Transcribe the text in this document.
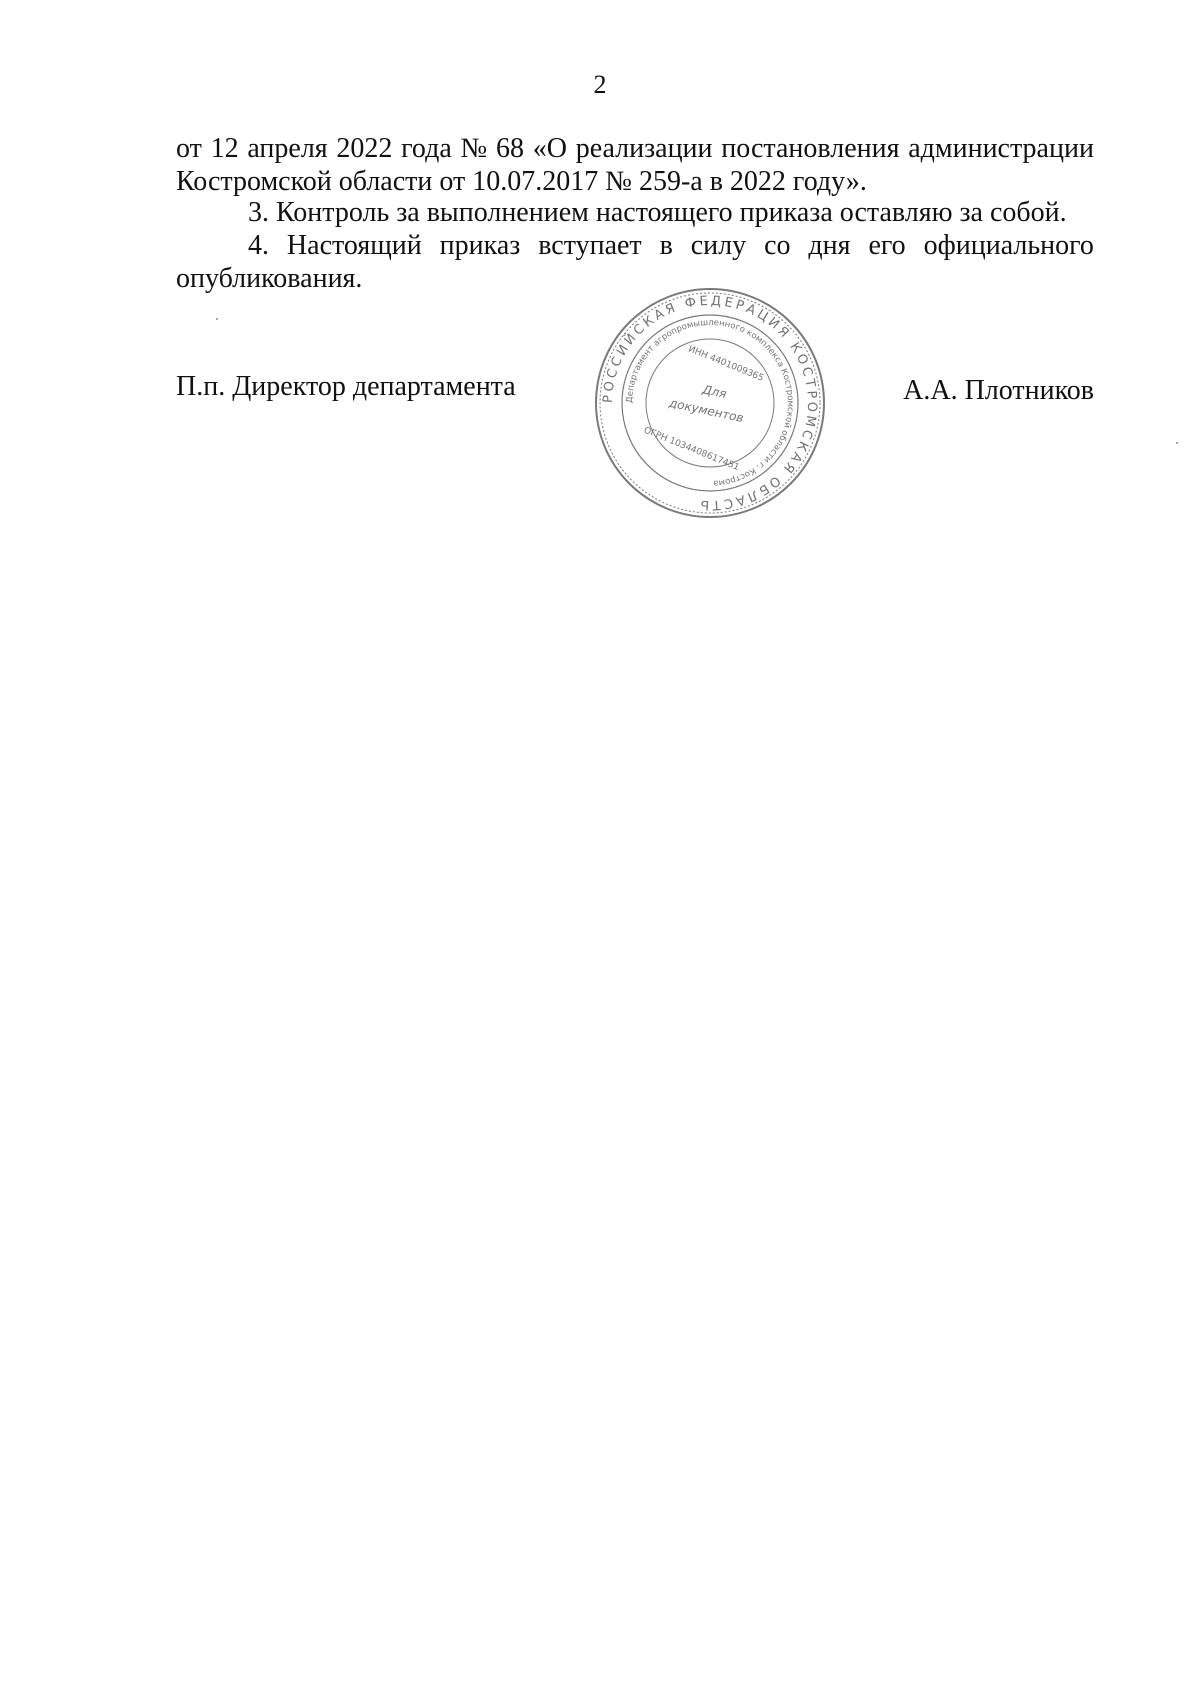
2
от 12 апреля 2022 года № 68 «О реализации постановления администрации
Костромской области от 10.07.2017 № 259-а в 2022 году».
3. Контроль за выполнением настоящего приказа оставляю за собой.
4. Настоящий приказ вступает в силу со дня его официального
опубликования.
П.п. Директор департамента	А.А. Плотников
РОССИЙСКАЯ ФЕДЕРАЦИЯ КОСТРОМСКАЯ ОБЛАСТЬ
Департамент агропромышленного комплекса Костромской области г. Кострома
ИНН 4401009365
ОГРН 1034408617451
Для
документов
